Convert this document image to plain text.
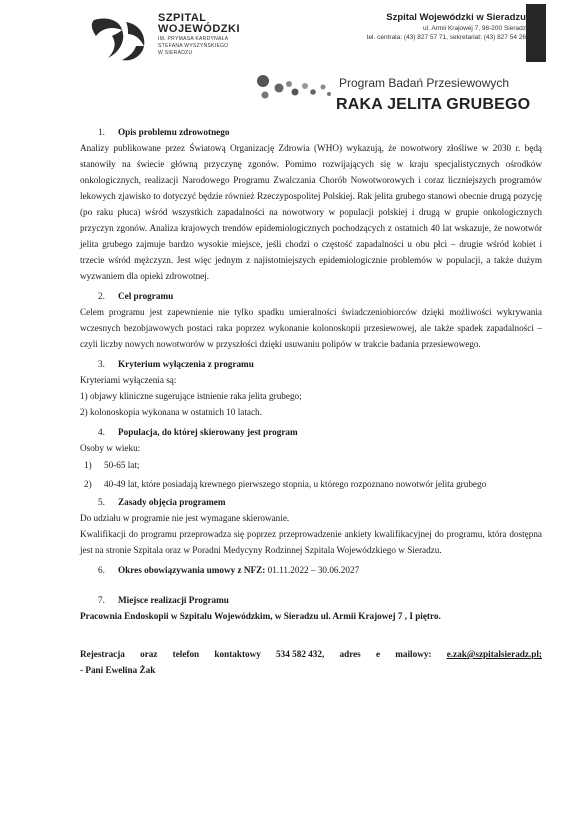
SZPITAL
WOJEWÓDZKI
IM. PRYMASA KARDYNAŁA
STEFANA WYSZYŃSKIEGO
W SIERADZU
Szpital Wojewódzki w Sieradzu
ul. Armii Krajowej 7, 98-200 Sieradz
tel. centrala: (43) 827 57 71, sekretariat: (43) 827 54 26
Program Badań Przesiewowych
RAKA JELITA GRUBEGO
1. Opis problemu zdrowotnego

Analizy publikowane przez Światową Organizację Zdrowia (WHO) wykazują, że nowotwory złośliwe w 2030 r. będą stanowiły na świecie główną przyczynę zgonów. Pomimo rozwijających się w kraju specjalistycznych ośrodków onkologicznych, realizacji Narodowego Programu Zwalczania Chorób Nowotworowych i coraz liczniejszych programów lekowych zjawisko to dotyczyć będzie również Rzeczypospolitej Polskiej. Rak jelita grubego stanowi obecnie drugą pozycję (po raku płuca) wśród wszystkich zapadalności na nowotwory w populacji polskiej i drugą w grupie onkologicznych przyczyn zgonów. Analiza krajowych trendów epidemiologicznych pochodzących z ostatnich 40 lat wskazuje, że nowotwór jelita grubego zajmuje bardzo wysokie miejsce, jeśli chodzi o częstość zapadalności u obu płci – drugie wśród kobiet i trzecie wśród mężczyzn. Jest więc jednym z najistotniejszych epidemiologicznie problemów w populacji, a także dużym wyzwaniem dla opieki zdrowotnej.

2. Cel programu

Celem programu jest zapewnienie nie tylko spadku umieralności świadczeniobiorców dzięki możliwości wykrywania wczesnych bezobjawowych postaci raka poprzez wykonanie kolonoskopii przesiewowej, ale także spadek zapadalności – czyli liczby nowych nowotworów w przyszłości dzięki usuwaniu polipów w trakcie badania przesiewowego.

3. Kryterium wyłączenia z programu
Kryteriami wyłączenia są:
1) objawy kliniczne sugerujące istnienie raka jelita grubego;
2) kolonoskopia wykonana w ostatnich 10 latach.
4. Populacja, do której skierowany jest program
Osoby w wieku:
1) 50-65 lat;
2) 40-49 lat, które posiadają krewnego pierwszego stopnia, u którego rozpoznano nowotwór jelita grubego
5. Zasady objęcia programem
Do udziału w programie nie jest wymagane skierowanie.

Kwalifikacji do programu przeprowadza się poprzez przeprowadzenie ankiety kwalifikacyjnej do programu, która dostępna jest na stronie Szpitala oraz w Poradni Medycyny Rodzinnej Szpitala Wojewódzkiego w Sieradzu.

6. Okres obowiązywania umowy z NFZ: 01.11.2022 – 30.06.2027
7. Miejsce realizacji Programu
Pracownia Endoskopii w Szpitalu Wojewódzkim, w Sieradzu ul. Armii Krajowej 7 , I piętro.
Rejestracja oraz telefon kontaktowy 534 582 432, adres e mailowy: e.zak@szpitalsieradz.pl;
- Pani Ewelina Żak
